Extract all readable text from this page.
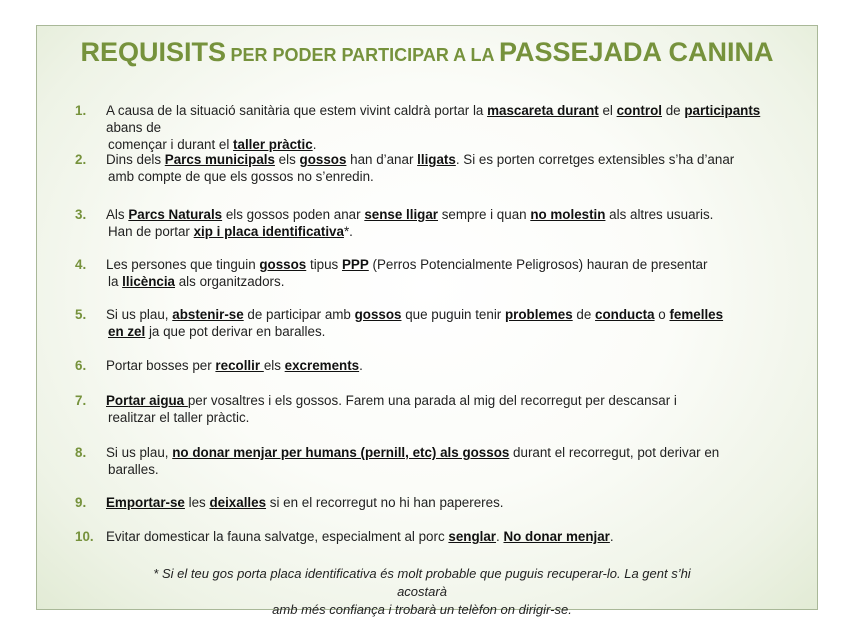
REQUISITS PER PODER PARTICIPAR A LA PASSEJADA CANINA
1. A causa de la situació sanitària que estem vivint caldrà portar la mascareta durant el control de participants abans de
començar i durant el taller pràctic.
2. Dins dels Parcs municipals els gossos han d’anar lligats. Si es porten corretges extensibles s’ha d’anar
amb compte de que els gossos no s’enredin.
3. Als Parcs Naturals els gossos poden anar sense lligar sempre i quan no molestin als altres usuaris.
Han de portar xip i placa identificativa*.
4. Les persones que tinguin gossos tipus PPP (Perros Potencialmente Peligrosos) hauran de presentar
la llicència als organitzadors.
5. Si us plau, abstenir-se de participar amb gossos que puguin tenir problemes de conducta o femelles
en zel ja que pot derivar en baralles.
6. Portar bosses per recollir els excrements.
7. Portar aigua per vosaltres i els gossos. Farem una parada al mig del recorregut per descansar i
realitzar el taller pràctic.
8. Si us plau, no donar menjar per humans (pernill, etc) als gossos durant el recorregut, pot derivar en
baralles.
9. Emportar-se les deixalles si en el recorregut no hi han papereres.
10. Evitar domesticar la fauna salvatge, especialment al porc senglar. No donar menjar.
* Si el teu gos porta placa identificativa és molt probable que puguis recuperar-lo. La gent s’hi acostarà
amb més confiança i trobarà un telèfon on dirigir-se.
